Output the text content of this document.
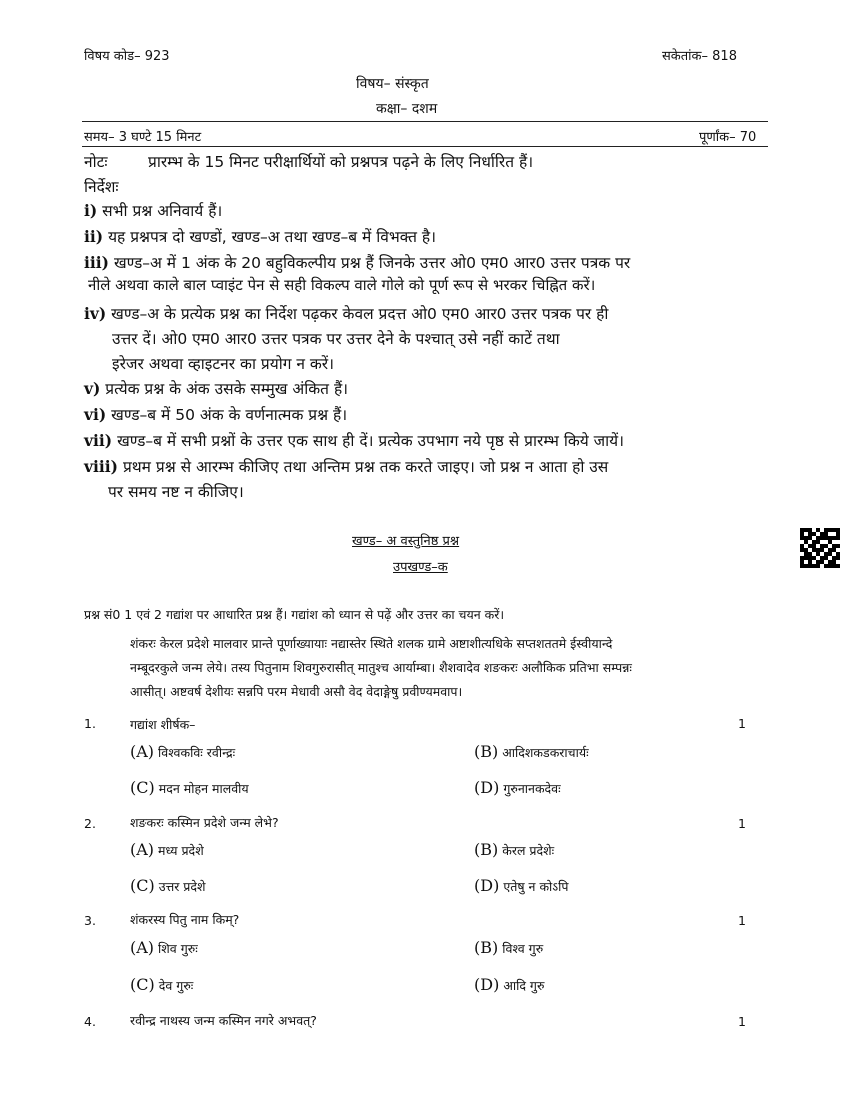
विषय कोड– 923	सकेतांक– 818
विषय– संस्कृत
कक्षा– दशम
समय– 3 घण्टे 15 मिनट	पूर्णांक– 70
नोटः	प्रारम्भ के 15 मिनट परीक्षार्थियों को प्रश्नपत्र पढ़ने के लिए निर्धारित हैं।
निर्देशः
i) सभी प्रश्न अनिवार्य हैं।
ii) यह प्रश्नपत्र दो खण्डों, खण्ड–अ तथा खण्ड–ब में विभक्त है।
iii) खण्ड–अ में 1 अंक के 20 बहुविकल्पीय प्रश्न हैं जिनके उत्तर ओ0 एम0 आर0 उत्तर पत्रक पर
नीले अथवा काले बाल प्वाइंट पेन से सही विकल्प वाले गोले को पूर्ण रूप से भरकर चिह्नित करें।
iv) खण्ड–अ के प्रत्येक प्रश्न का निर्देश पढ़कर केवल प्रदत्त ओ0 एम0 आर0 उत्तर पत्रक पर ही
उत्तर दें। ओ0 एम0 आर0 उत्तर पत्रक पर उत्तर देने के पश्चात् उसे नहीं काटें तथा
इरेजर अथवा व्हाइटनर का प्रयोग न करें।
v) प्रत्येक प्रश्न के अंक उसके सम्मुख अंकित हैं।
vi) खण्ड–ब में 50 अंक के वर्णनात्मक प्रश्न हैं।
vii) खण्ड–ब में सभी प्रश्नों के उत्तर एक साथ ही दें। प्रत्येक उपभाग नये पृष्ठ से प्रारम्भ किये जायें।
viii) प्रथम प्रश्न से आरम्भ कीजिए तथा अन्तिम प्रश्न तक करते जाइए। जो प्रश्न न आता हो उस
पर समय नष्ट न कीजिए।
खण्ड– अ वस्तुनिष्ठ प्रश्न
उपखण्ड–क
प्रश्न सं0 1 एवं 2 गद्यांश पर आधारित प्रश्न हैं। गद्यांश को ध्यान से पढ़ें और उत्तर का चयन करें।
शंकरः केरल प्रदेशे मालवार प्रान्ते पूर्णाख्यायाः नद्यास्तेर स्थिते शलक ग्रामे अष्टाशीत्यधिके सप्तशततमे ईस्वीयान्दे
नम्बूदरकुले जन्म लेये। तस्य पितुनाम शिवगुरुरासीत् मातुश्च आर्याम्बा। शैशवादेव शङकरः अलौकिक प्रतिभा सम्पन्नः
आसीत्। अष्टवर्ष देशीयः सन्नपि परम मेधावी असौ वेद वेदाङ्गेषु प्रवीण्यमवाप।
1.	गद्यांश शीर्षक–	1
(A) विश्वकविः रवीन्द्रः	(B) आदिशकडकराचार्यः
(C) मदन मोहन मालवीय	(D) गुरुनानकदेवः
2.	शङकरः कस्मिन प्रदेशे जन्म लेभे?	1
(A) मध्य प्रदेशे	(B) केरल प्रदेशेः
(C) उत्तर प्रदेशे	(D) एतेषु न कोऽपि
3.	शंकरस्य पितु नाम किम्?	1
(A) शिव गुरुः	(B) विश्व गुरु
(C) देव गुरुः	(D) आदि गुरु
4.	रवीन्द्र नाथस्य जन्म कस्मिन नगरे अभवत्?	1
